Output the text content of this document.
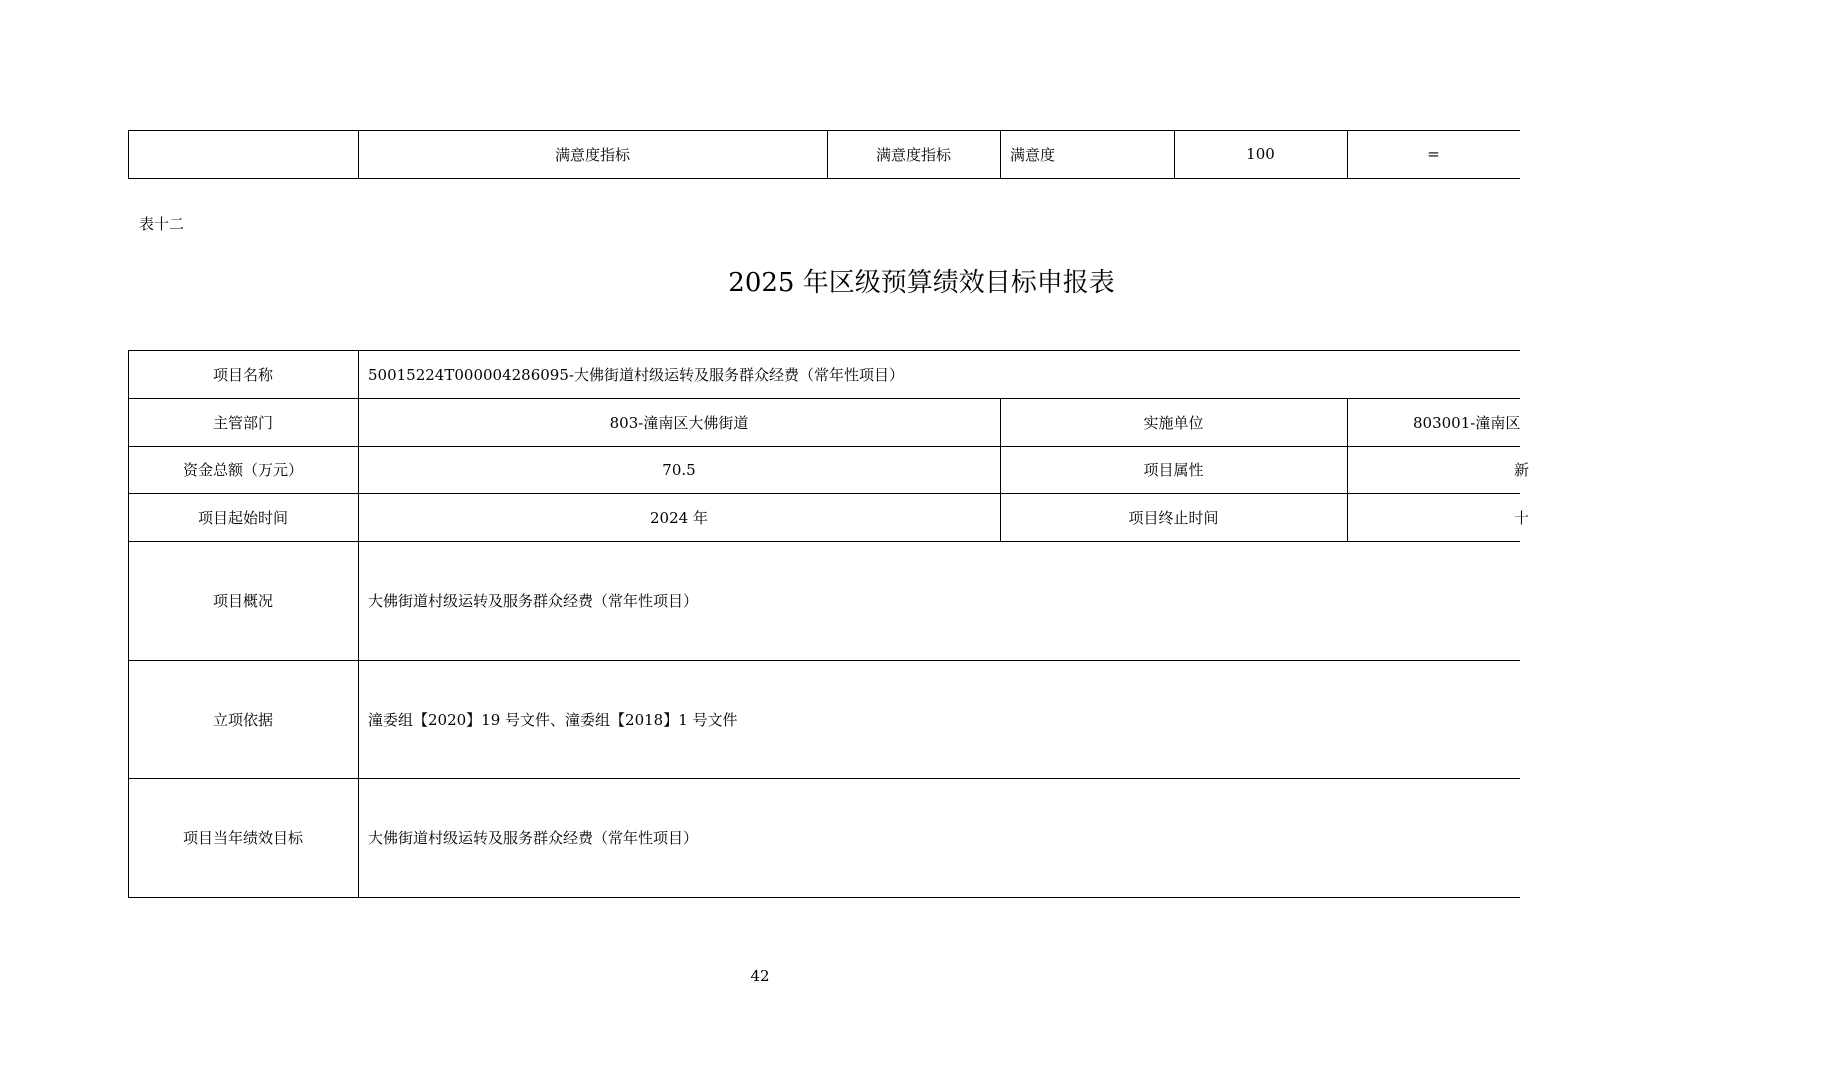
满意度指标	满意度指标	满意度	100	=
表十二
2025 年区级预算绩效目标申报表
项目名称	50015224T000004286095-大佛街道村级运转及服务群众经费（常年性项目）
主管部门	803-潼南区大佛街道	实施单位	803001-潼南区
资金总额（万元）	70.5	项目属性	新
项目起始时间	2024 年	项目终止时间	十
项目概况	大佛街道村级运转及服务群众经费（常年性项目）
立项依据	潼委组【2020】19 号文件、潼委组【2018】1 号文件
项目当年绩效目标	大佛街道村级运转及服务群众经费（常年性项目）
42
